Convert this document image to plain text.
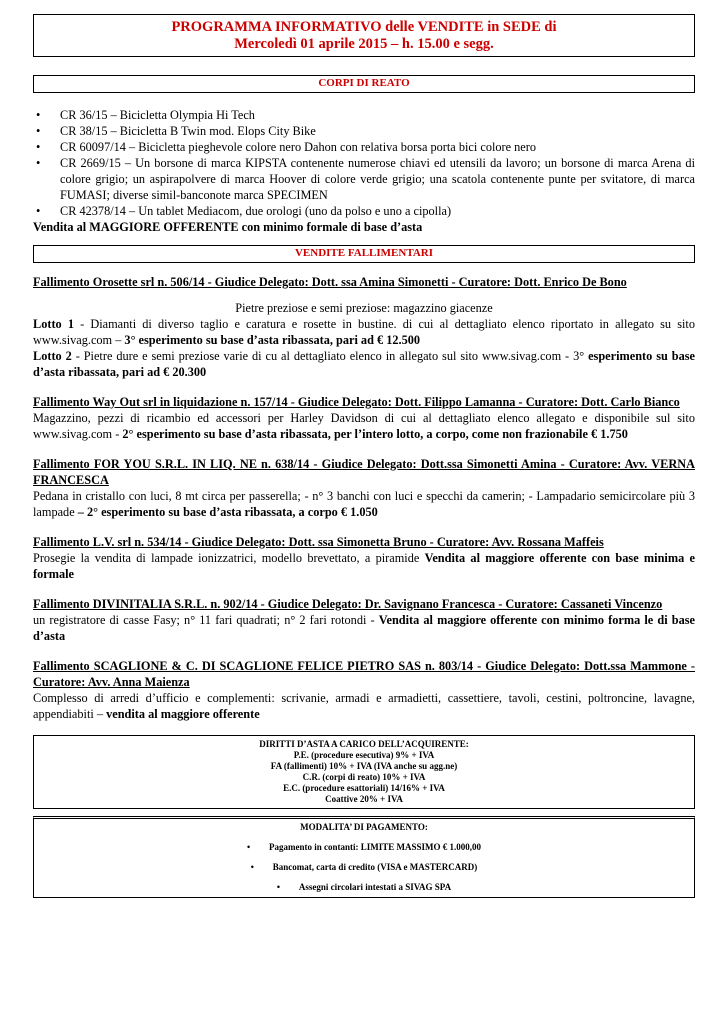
PROGRAMMA INFORMATIVO delle VENDITE in SEDE di
Mercoledì 01 aprile 2015 – h. 15.00 e segg.
CORPI DI REATO
• CR 36/15 – Bicicletta Olympia Hi Tech
• CR 38/15 – Bicicletta B Twin mod. Elops City Bike
• CR 60097/14 – Bicicletta pieghevole colore nero Dahon con relativa borsa porta bici colore nero
• CR 2669/15 – Un borsone di marca KIPSTA contenente numerose chiavi ed utensili da lavoro; un borsone di marca Arena di colore grigio; un aspirapolvere di marca Hoover di colore verde grigio; una scatola contenente punte per svitatore, di marca FUMASI; diverse simil-banconote marca SPECIMEN
• CR 42378/14 – Un tablet Mediacom, due orologi (uno da polso e uno a cipolla)
Vendita al MAGGIORE OFFERENTE con minimo formale di base d’asta
VENDITE FALLIMENTARI
Fallimento Orosette srl n. 506/14 - Giudice Delegato: Dott. ssa Amina Simonetti - Curatore: Dott. Enrico De Bono
Pietre preziose e semi preziose: magazzino giacenze
Lotto 1 - Diamanti di diverso taglio e caratura e rosette in bustine. di cui al dettagliato elenco riportato in allegato su sito www.sivag.com – 3° esperimento su base d’asta ribassata, pari ad € 12.500
Lotto 2 - Pietre dure e semi preziose varie di cu al dettagliato elenco in allegato sul sito www.sivag.com - 3° esperimento su base d’asta ribassata, pari ad € 20.300
Fallimento Way Out srl in liquidazione n. 157/14 - Giudice Delegato: Dott. Filippo Lamanna - Curatore: Dott. Carlo Bianco
Magazzino, pezzi di ricambio ed accessori per Harley Davidson di cui al dettagliato elenco allegato e disponibile sul sito www.sivag.com - 2° esperimento su base d’asta ribassata, per l’intero lotto, a corpo, come non frazionabile € 1.750
Fallimento FOR YOU S.R.L. IN LIQ. NE n. 638/14 - Giudice Delegato: Dott.ssa Simonetti Amina - Curatore: Avv. VERNA FRANCESCA
Pedana in cristallo con luci, 8 mt circa per passerella; - n° 3 banchi con luci e specchi da camerin; - Lampadario semicircolare più 3 lampade – 2° esperimento su base d’asta ribassata, a corpo € 1.050
Fallimento L.V. srl n. 534/14 - Giudice Delegato: Dott. ssa Simonetta Bruno - Curatore: Avv. Rossana Maffeis
Prosegie la vendita di lampade ionizzatrici, modello brevettato, a piramide Vendita al maggiore offerente con base minima e formale
Fallimento DIVINITALIA S.R.L. n. 902/14 - Giudice Delegato: Dr. Savignano Francesca - Curatore: Cassaneti Vincenzo
un registratore di casse Fasy; n° 11 fari quadrati; n° 2 fari rotondi - Vendita al maggiore offerente con minimo forma le di base d’asta
Fallimento SCAGLIONE & C. DI SCAGLIONE FELICE PIETRO SAS n. 803/14 - Giudice Delegato: Dott.ssa Mammone - Curatore: Avv. Anna Maienza
Complesso di arredi d’ufficio e complementi: scrivanie, armadi e armadietti, cassettiere, tavoli, cestini, poltroncine, lavagne, appendiabiti – vendita al maggiore offerente
DIRITTI D’ASTA A CARICO DELL’ACQUIRENTE:
P.E. (procedure esecutiva) 9% + IVA
FA (fallimenti) 10% + IVA (IVA anche su agg.ne)
C.R. (corpi di reato) 10% + IVA
E.C. (procedure esattoriali) 14/16% + IVA
Coattive 20% + IVA
MODALITA’ DI PAGAMENTO:
• Pagamento in contanti: LIMITE MASSIMO € 1.000,00
• Bancomat, carta di credito (VISA e MASTERCARD)
• Assegni circolari intestati a SIVAG SPA
